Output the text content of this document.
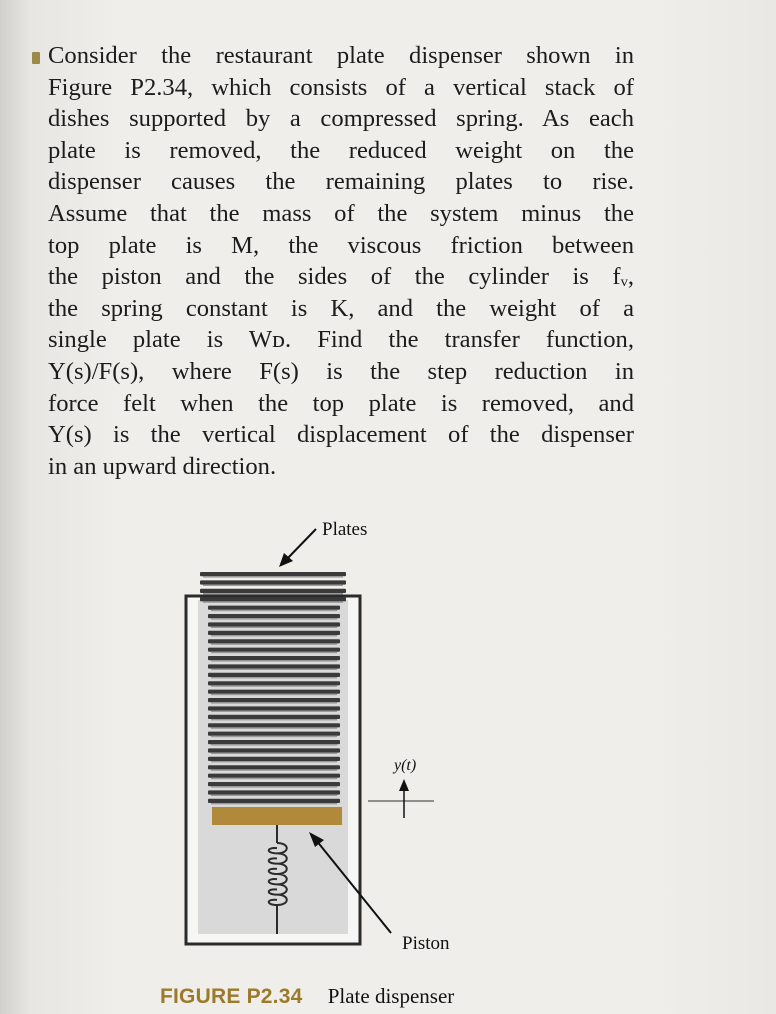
Consider the restaurant plate dispenser shown in
Figure P2.34, which consists of a vertical stack of
dishes supported by a compressed spring. As each
plate is removed, the reduced weight on the
dispenser causes the remaining plates to rise.
Assume that the mass of the system minus the
top plate is M, the viscous friction between
the piston and the sides of the cylinder is fᵥ,
the spring constant is K, and the weight of a
single plate is Wᴅ. Find the transfer function,
Y(s)/F(s), where F(s) is the step reduction in
force felt when the top plate is removed, and
Y(s) is the vertical displacement of the dispenser
in an upward direction.
Plates
y(t)
Piston
FIGURE P2.34 Plate dispenser
